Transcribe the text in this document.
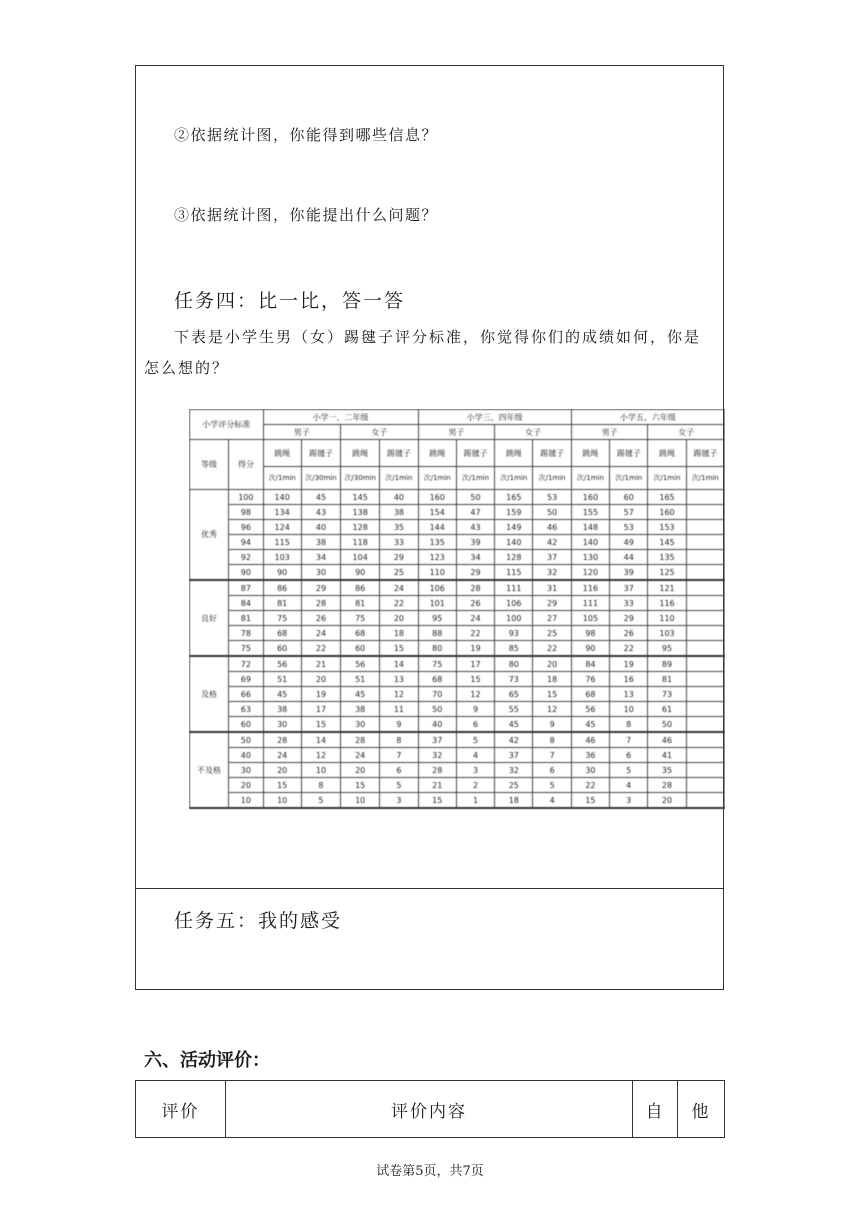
②依据统计图，你能得到哪些信息？
③依据统计图，你能提出什么问题？
任务四：比一比，答一答
下表是小学生男（女）踢毽子评分标准，你觉得你们的成绩如何，你是怎么想的？
小学评分标准		小学一、二年级				小学三、四年级				小学五、六年级			
		男子		女子		男子		女子		男子		女子	
等级	得分	跳绳	踢毽子	跳绳	踢毽子	跳绳	踢毽子	跳绳	踢毽子	跳绳	踢毽子	跳绳	踢毽子
		次/1min	次/30min	次/30min	次/1min	次/1min	次/1min	次/1min	次/1min	次/1min	次/1min	次/1min	次/1min
优秀	100	140	45	145	40	160	50	165	53	160	60	165	
	98	134	43	138	38	154	47	159	50	155	57	160	
	96	124	40	128	35	144	43	149	46	148	53	153	
	94	115	38	118	33	135	39	140	42	140	49	145	
	92	103	34	104	29	123	34	128	37	130	44	135	
	90	90	30	90	25	110	29	115	32	120	39	125	
良好	87	86	29	86	24	106	28	111	31	116	37	121	
	84	81	28	81	22	101	26	106	29	111	33	116	
	81	75	26	75	20	95	24	100	27	105	29	110	
	78	68	24	68	18	88	22	93	25	98	26	103	
	75	60	22	60	15	80	19	85	22	90	22	95	
及格	72	56	21	56	14	75	17	80	20	84	19	89	
	69	51	20	51	13	68	15	73	18	76	16	81	
	66	45	19	45	12	70	12	65	15	68	13	73	
	63	38	17	38	11	50	9	55	12	56	10	61	
	60	30	15	30	9	40	6	45	9	45	8	50	
不及格	50	28	14	28	8	37	5	42	8	46	7	46	
	40	24	12	24	7	32	4	37	7	36	6	41	
	30	20	10	20	6	28	3	32	6	30	5	35	
	20	15	8	15	5	21	2	25	5	22	4	28	
	10	10	5	10	3	15	1	18	4	15	3	20	
任务五：我的感受
六、活动评价：
评价	评价内容	自	他
试卷第5页，共7页
